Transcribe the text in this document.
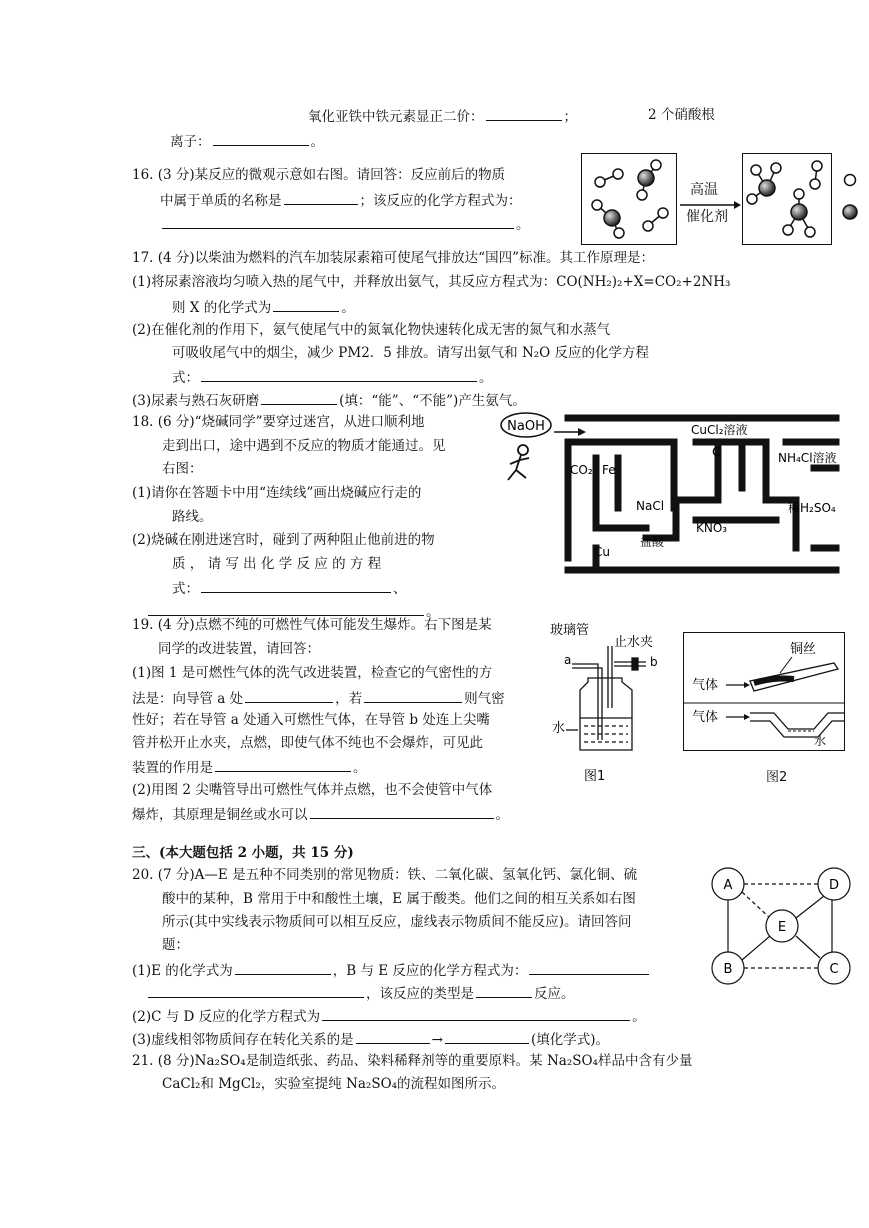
氧化亚铁中铁元素显正二价：	；	2 个硝酸根
离子：	。
16. (3 分)某反应的微观示意如右图。请回答：反应前后的物质
中属于单质的名称是	；该反应的化学方程式为：
。
高温
催化剂
17. (4 分)以柴油为燃料的汽车加装尿素箱可使尾气排放达“国四”标准。其工作原理是：
(1)将尿素溶液均匀喷入热的尾气中，并释放出氨气，其反应方程式为：CO(NH₂)₂+X=CO₂+2NH₃
则 X 的化学式为	。
(2)在催化剂的作用下，氨气使尾气中的氮氧化物快速转化成无害的氮气和水蒸气
可吸收尾气中的烟尘，减少 PM2．5 排放。请写出氨气和 N₂O 反应的化学方程
式：	。
(3)尿素与熟石灰研磨	(填：“能”、“不能”)产生氨气。
18. (6 分)“烧碱同学”要穿过迷宫，从进口顺利地
走到出口，途中遇到不反应的物质才能通过。见
右图：
(1)请你在答题卡中用“连续线”画出烧碱应行走的
路线。
(2)烧碱在刚进迷宫时，碰到了两种阻止他前进的物
质 ， 请 写 出 化 学 反 应 的 方 程
式：	、
。
NaOH	CuCl₂溶液
C	NH₄Cl溶液
CO₂ Fe
NaCl	稀H₂SO₄
KNO₃
盐酸
Cu
19. (4 分)点燃不纯的可燃性气体可能发生爆炸。右下图是某
同学的改进装置，请回答：
(1)图 1 是可燃性气体的洗气改进装置，检查它的气密性的方
法是：向导管 a 处	，若	则气密
性好；若在导管 a 处通入可燃性气体，在导管 b 处连上尖嘴
管并松开止水夹，点燃，即使气体不纯也不会爆炸，可见此
装置的作用是	。
(2)用图 2 尖嘴管导出可燃性气体并点燃，也不会使管中气体
爆炸，其原理是铜丝或水可以	。
玻璃管
止水夹
a	b
水
图1
铜丝
气体
气体
水
图2
三、(本大题包括 2 小题，共 15 分)
20. (7 分)A—E 是五种不同类别的常见物质：铁、二氧化碳、氢氧化钙、氯化铜、硫
酸中的某种，B 常用于中和酸性土壤，E 属于酸类。他们之间的相互关系如右图
所示(其中实线表示物质间可以相互反应，虚线表示物质间不能反应)。请回答问
题：
(1)E 的化学式为	，B 与 E 反应的化学方程式为：
，该反应的类型是	反应。
(2)C 与 D 反应的化学方程式为	。
(3)虚线相邻物质间存在转化关系的是	→	(填化学式)。
A	D
E
B	C
21. (8 分)Na₂SO₄是制造纸张、药品、染料稀释剂等的重要原料。某 Na₂SO₄样品中含有少量
CaCl₂和 MgCl₂，实验室提纯 Na₂SO₄的流程如图所示。
